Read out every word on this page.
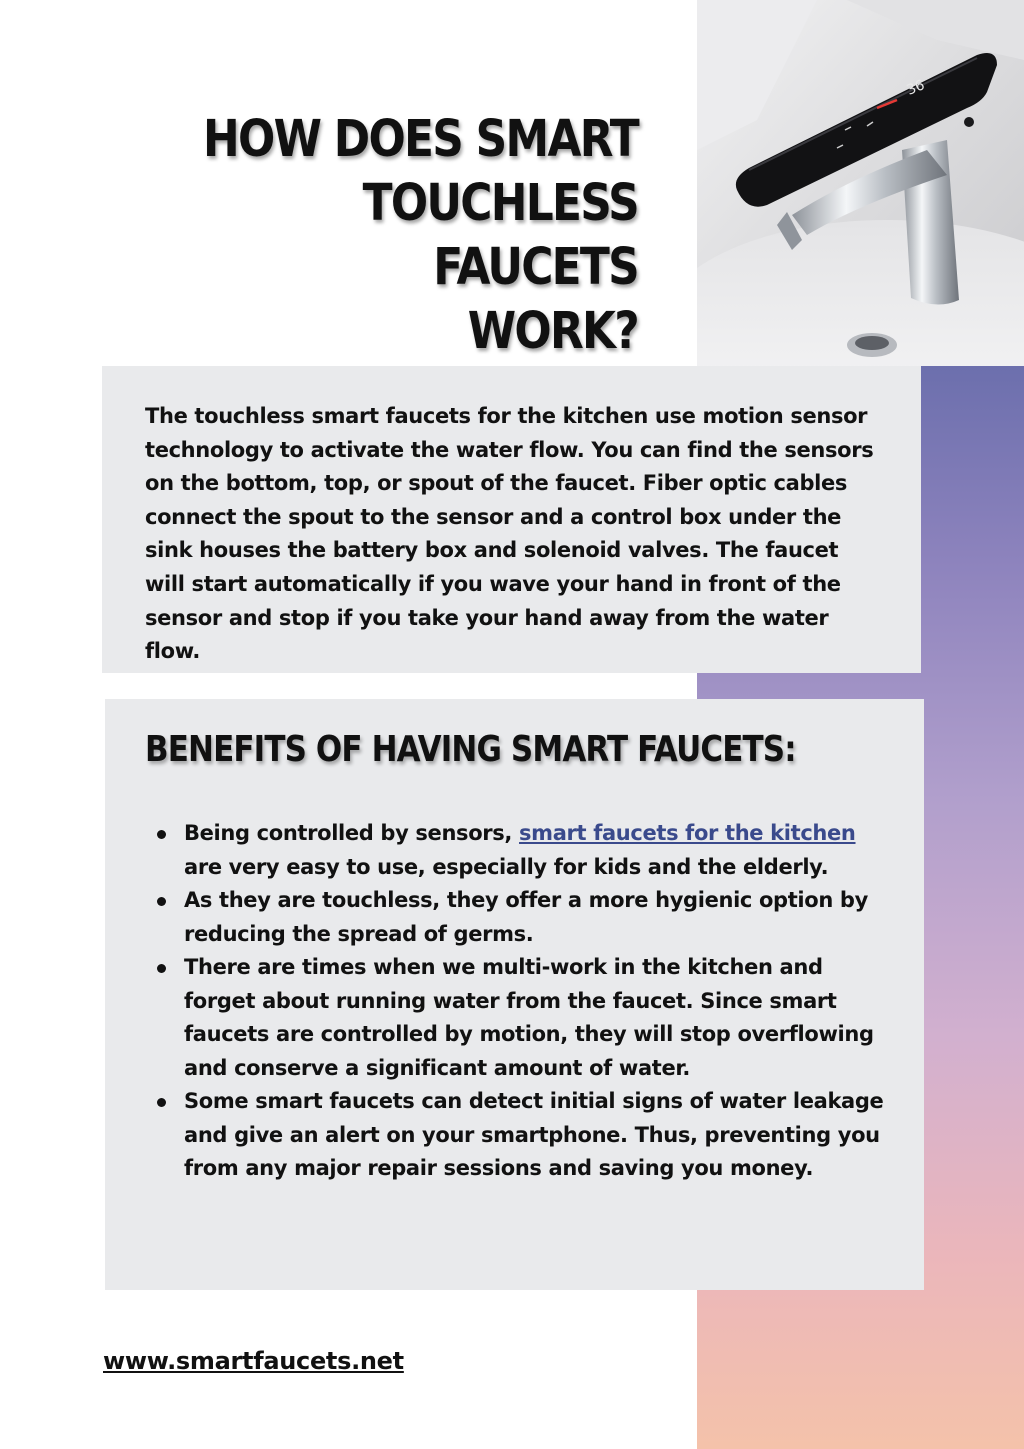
36
HOW DOES SMART
TOUCHLESS FAUCETS
WORK?

The touchless smart faucets for the kitchen use motion sensor technology to activate the water flow. You can find the sensors on the bottom, top, or spout of the faucet. Fiber optic cables connect the spout to the sensor and a control box under the sink houses the battery box and solenoid valves. The faucet will start automatically if you wave your hand in front of the sensor and stop if you take your hand away from the water flow.

BENEFITS OF HAVING SMART FAUCETS:
Being controlled by sensors, smart faucets for the kitchen are very easy to use, especially for kids and the elderly.
As they are touchless, they offer a more hygienic option by reducing the spread of germs.
There are times when we multi-work in the kitchen and forget about running water from the faucet. Since smart faucets are controlled by motion, they will stop overflowing and conserve a significant amount of water.
Some smart faucets can detect initial signs of water leakage and give an alert on your smartphone. Thus, preventing you from any major repair sessions and saving you money.
www.smartfaucets.net
